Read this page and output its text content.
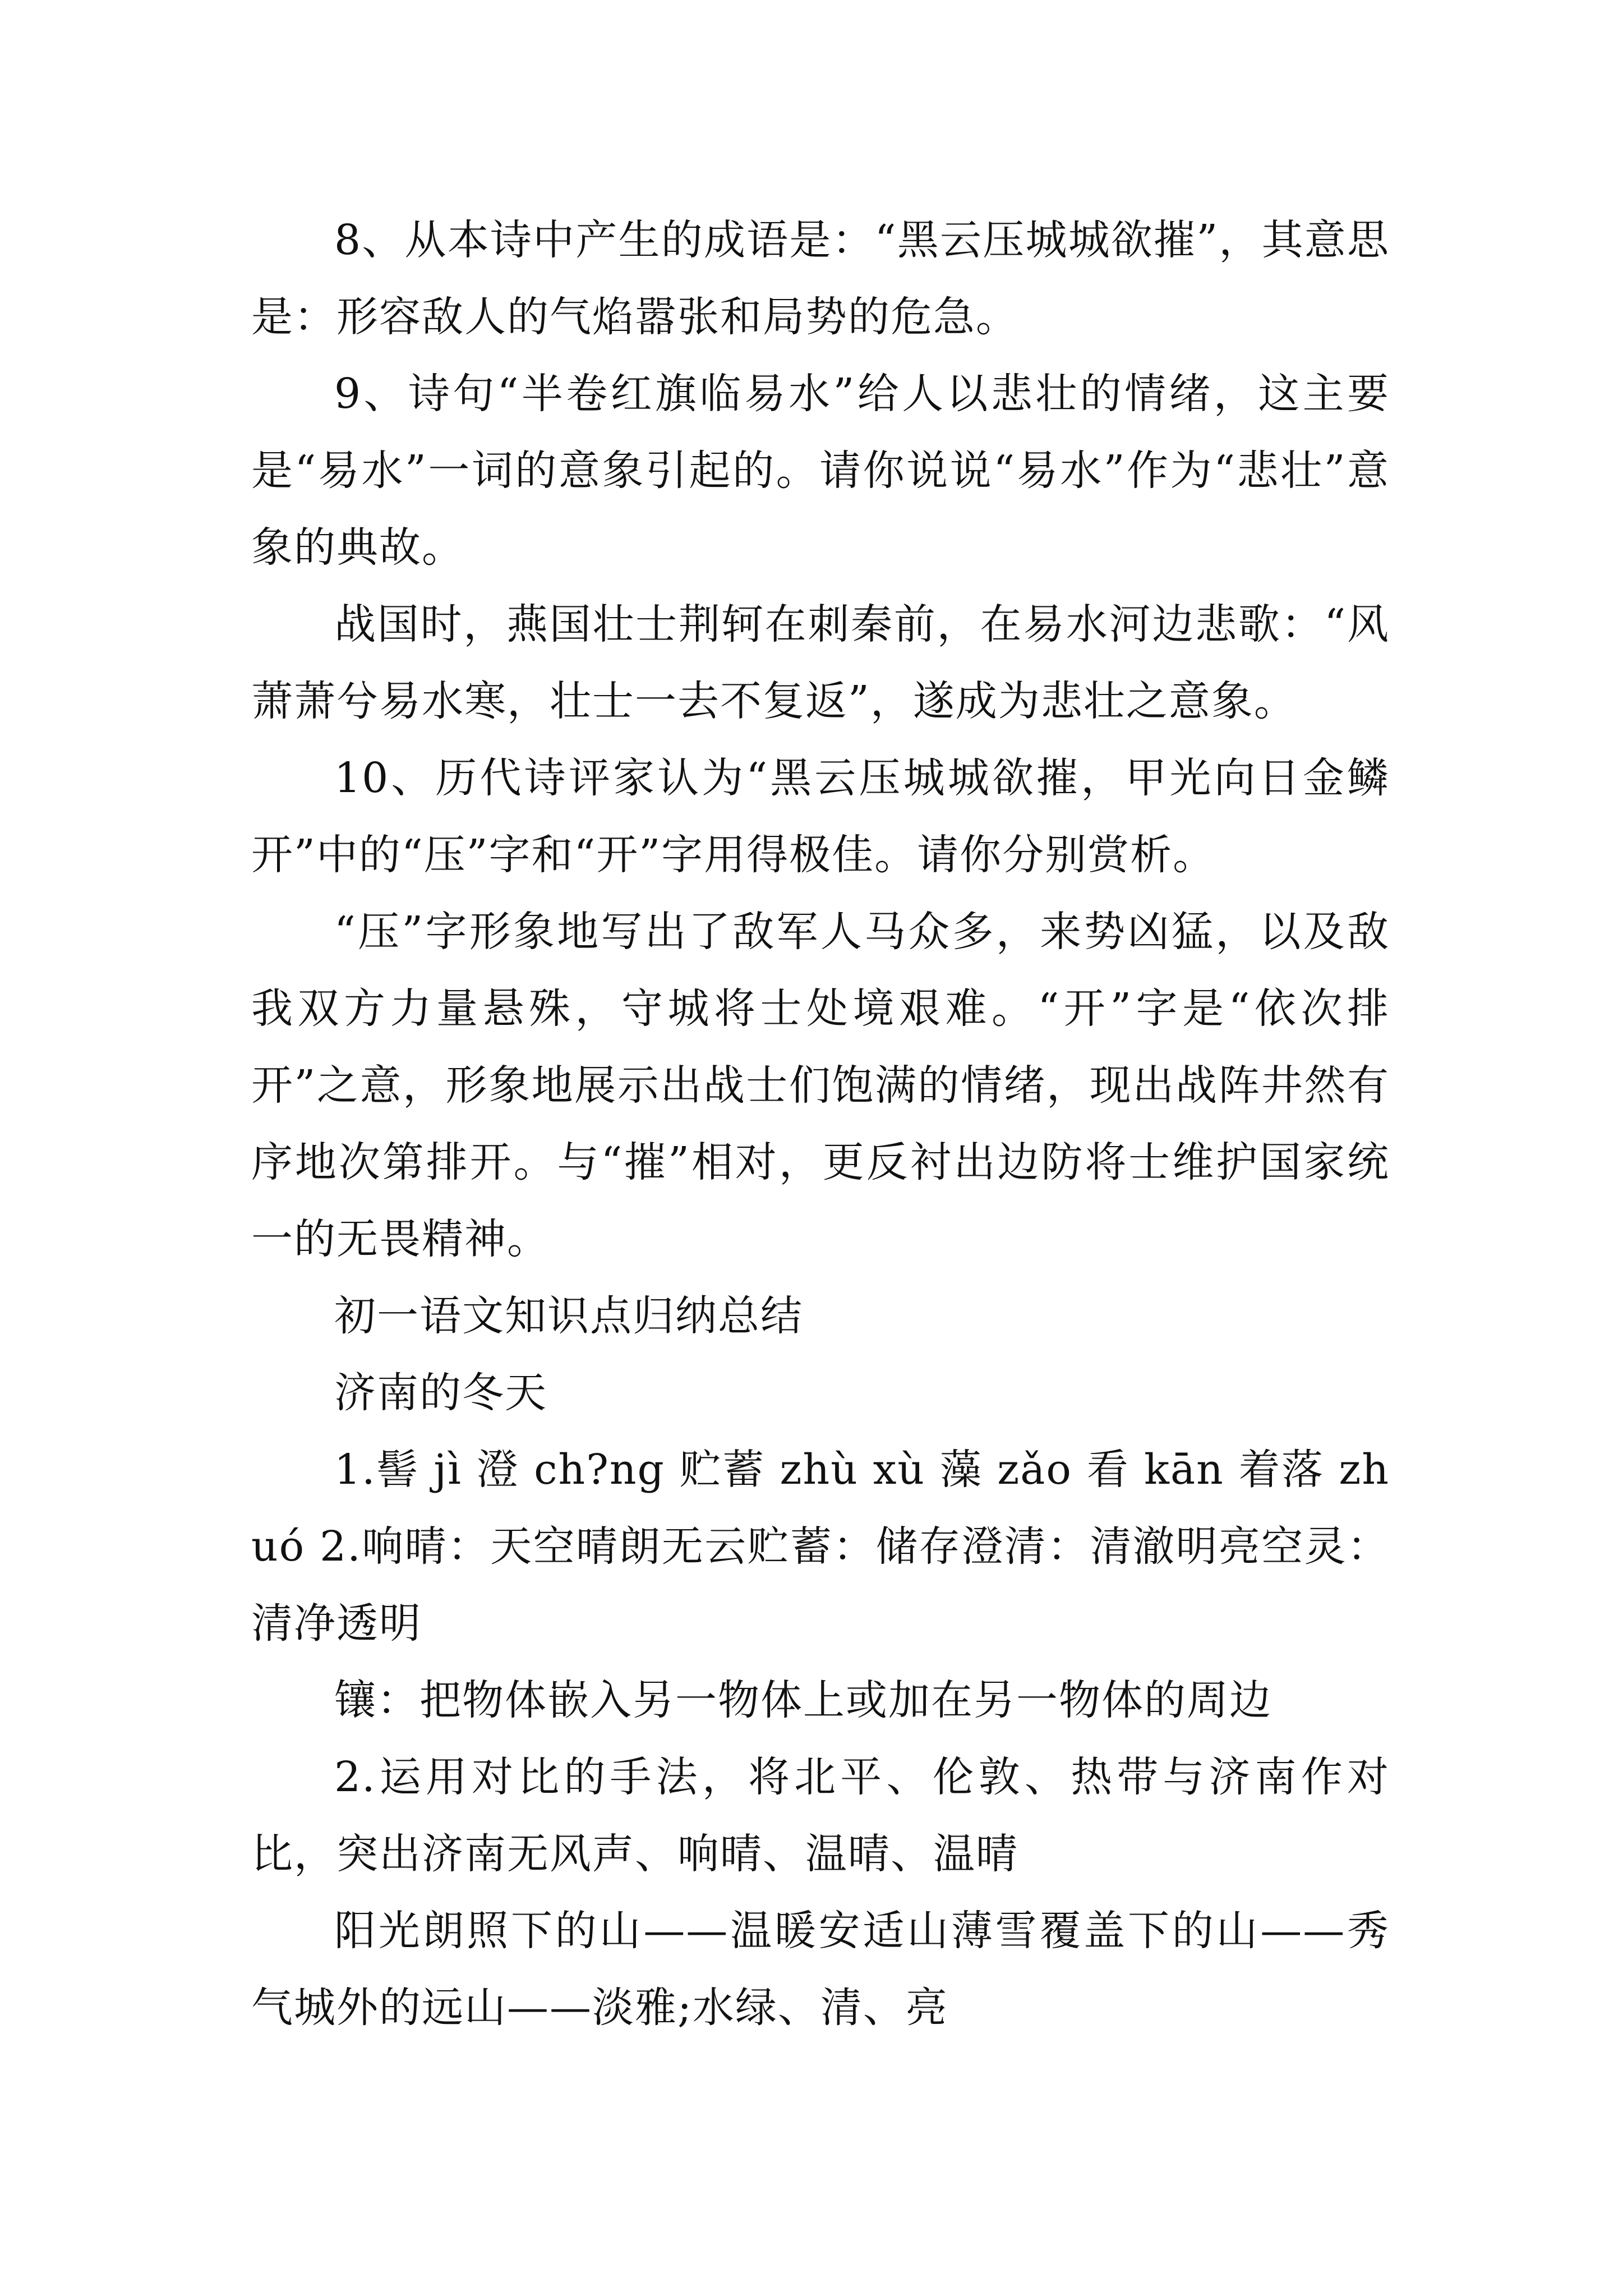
8、从本诗中产生的成语是：“黑云压城城欲摧”，其意思是：形容敌人的气焰嚣张和局势的危急。

9、诗句“半卷红旗临易水”给人以悲壮的情绪，这主要是“易水”一词的意象引起的。请你说说“易水”作为“悲壮”意象的典故。

战国时，燕国壮士荆轲在刺秦前，在易水河边悲歌：“风萧萧兮易水寒，壮士一去不复返”，遂成为悲壮之意象。

10、历代诗评家认为“黑云压城城欲摧，甲光向日金鳞开”中的“压”字和“开”字用得极佳。请你分别赏析。

“压”字形象地写出了敌军人马众多，来势凶猛，以及敌我双方力量悬殊，守城将士处境艰难。“开”字是“依次排开”之意，形象地展示出战士们饱满的情绪，现出战阵井然有序地次第排开。与“摧”相对，更反衬出边防将士维护国家统一的无畏精神。

初一语文知识点归纳总结

济南的冬天

1.髻 jì 澄 ch?ng 贮蓄 zhù xù 藻 zǎo 看 kān 着落 zhuó 2.响晴：天空晴朗无云贮蓄：储存澄清：清澈明亮空灵：清净透明

镶：把物体嵌入另一物体上或加在另一物体的周边

2.运用对比的手法，将北平、伦敦、热带与济南作对比，突出济南无风声、响晴、温晴、温晴

阳光朗照下的山——温暖安适山薄雪覆盖下的山——秀气城外的远山——淡雅;水绿、清、亮
